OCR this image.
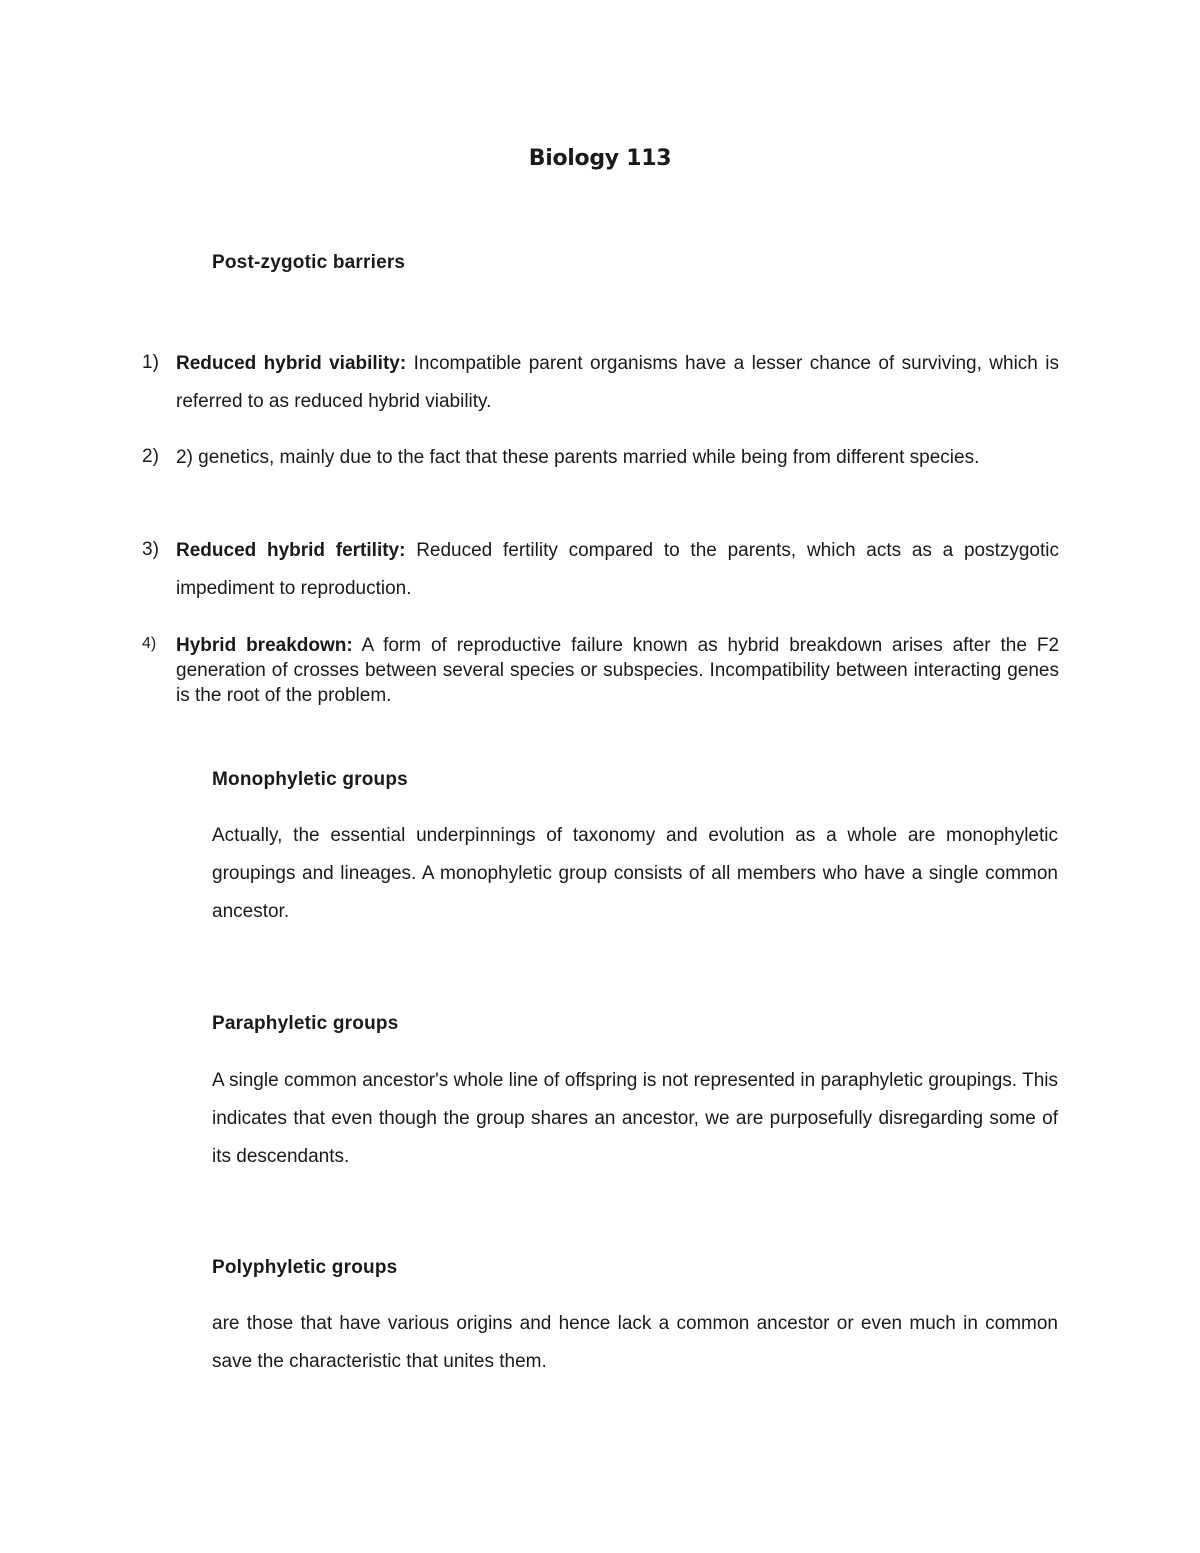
Biology 113
Post-zygotic barriers
1) Reduced hybrid viability: Incompatible parent organisms have a lesser chance of surviving, which is referred to as reduced hybrid viability.
2) 2) genetics, mainly due to the fact that these parents married while being from different species.
3) Reduced hybrid fertility: Reduced fertility compared to the parents, which acts as a postzygotic impediment to reproduction.
4) Hybrid breakdown: A form of reproductive failure known as hybrid breakdown arises after the F2 generation of crosses between several species or subspecies. Incompatibility between interacting genes is the root of the problem.
Monophyletic groups
Actually, the essential underpinnings of taxonomy and evolution as a whole are monophyletic groupings and lineages. A monophyletic group consists of all members who have a single common ancestor.
Paraphyletic groups
A single common ancestor's whole line of offspring is not represented in paraphyletic groupings. This indicates that even though the group shares an ancestor, we are purposefully disregarding some of its descendants.
Polyphyletic groups
are those that have various origins and hence lack a common ancestor or even much in common save the characteristic that unites them.
